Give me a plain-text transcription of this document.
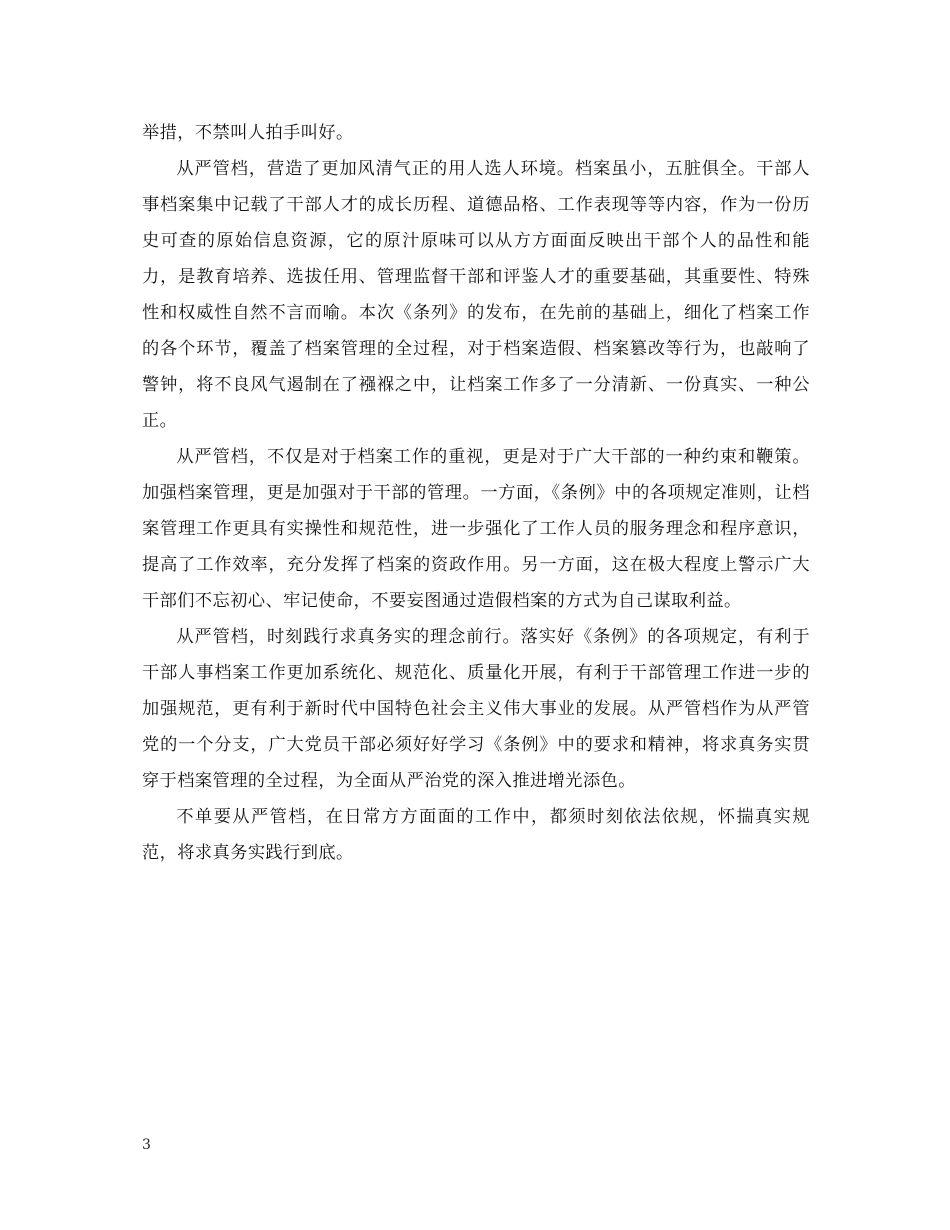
举措，不禁叫人拍手叫好。

从严管档，营造了更加风清气正的用人选人环境。档案虽小，五脏俱全。干部人事档案集中记载了干部人才的成长历程、道德品格、工作表现等等内容，作为一份历史可查的原始信息资源，它的原汁原味可以从方方面面反映出干部个人的品性和能力，是教育培养、选拔任用、管理监督干部和评鉴人才的重要基础，其重要性、特殊性和权威性自然不言而喻。本次《条列》的发布，在先前的基础上，细化了档案工作的各个环节，覆盖了档案管理的全过程，对于档案造假、档案篡改等行为，也敲响了警钟，将不良风气遏制在了襁褓之中，让档案工作多了一分清新、一份真实、一种公正。

从严管档，不仅是对于档案工作的重视，更是对于广大干部的一种约束和鞭策。加强档案管理，更是加强对于干部的管理。一方面，《条例》中的各项规定准则，让档案管理工作更具有实操性和规范性，进一步强化了工作人员的服务理念和程序意识，提高了工作效率，充分发挥了档案的资政作用。另一方面，这在极大程度上警示广大干部们不忘初心、牢记使命，不要妄图通过造假档案的方式为自己谋取利益。

从严管档，时刻践行求真务实的理念前行。落实好《条例》的各项规定，有利于干部人事档案工作更加系统化、规范化、质量化开展，有利于干部管理工作进一步的加强规范，更有利于新时代中国特色社会主义伟大事业的发展。从严管档作为从严管党的一个分支，广大党员干部必须好好学习《条例》中的要求和精神，将求真务实贯穿于档案管理的全过程，为全面从严治党的深入推进增光添色。

不单要从严管档，在日常方方面面的工作中，都须时刻依法依规，怀揣真实规范，将求真务实践行到底。

3
